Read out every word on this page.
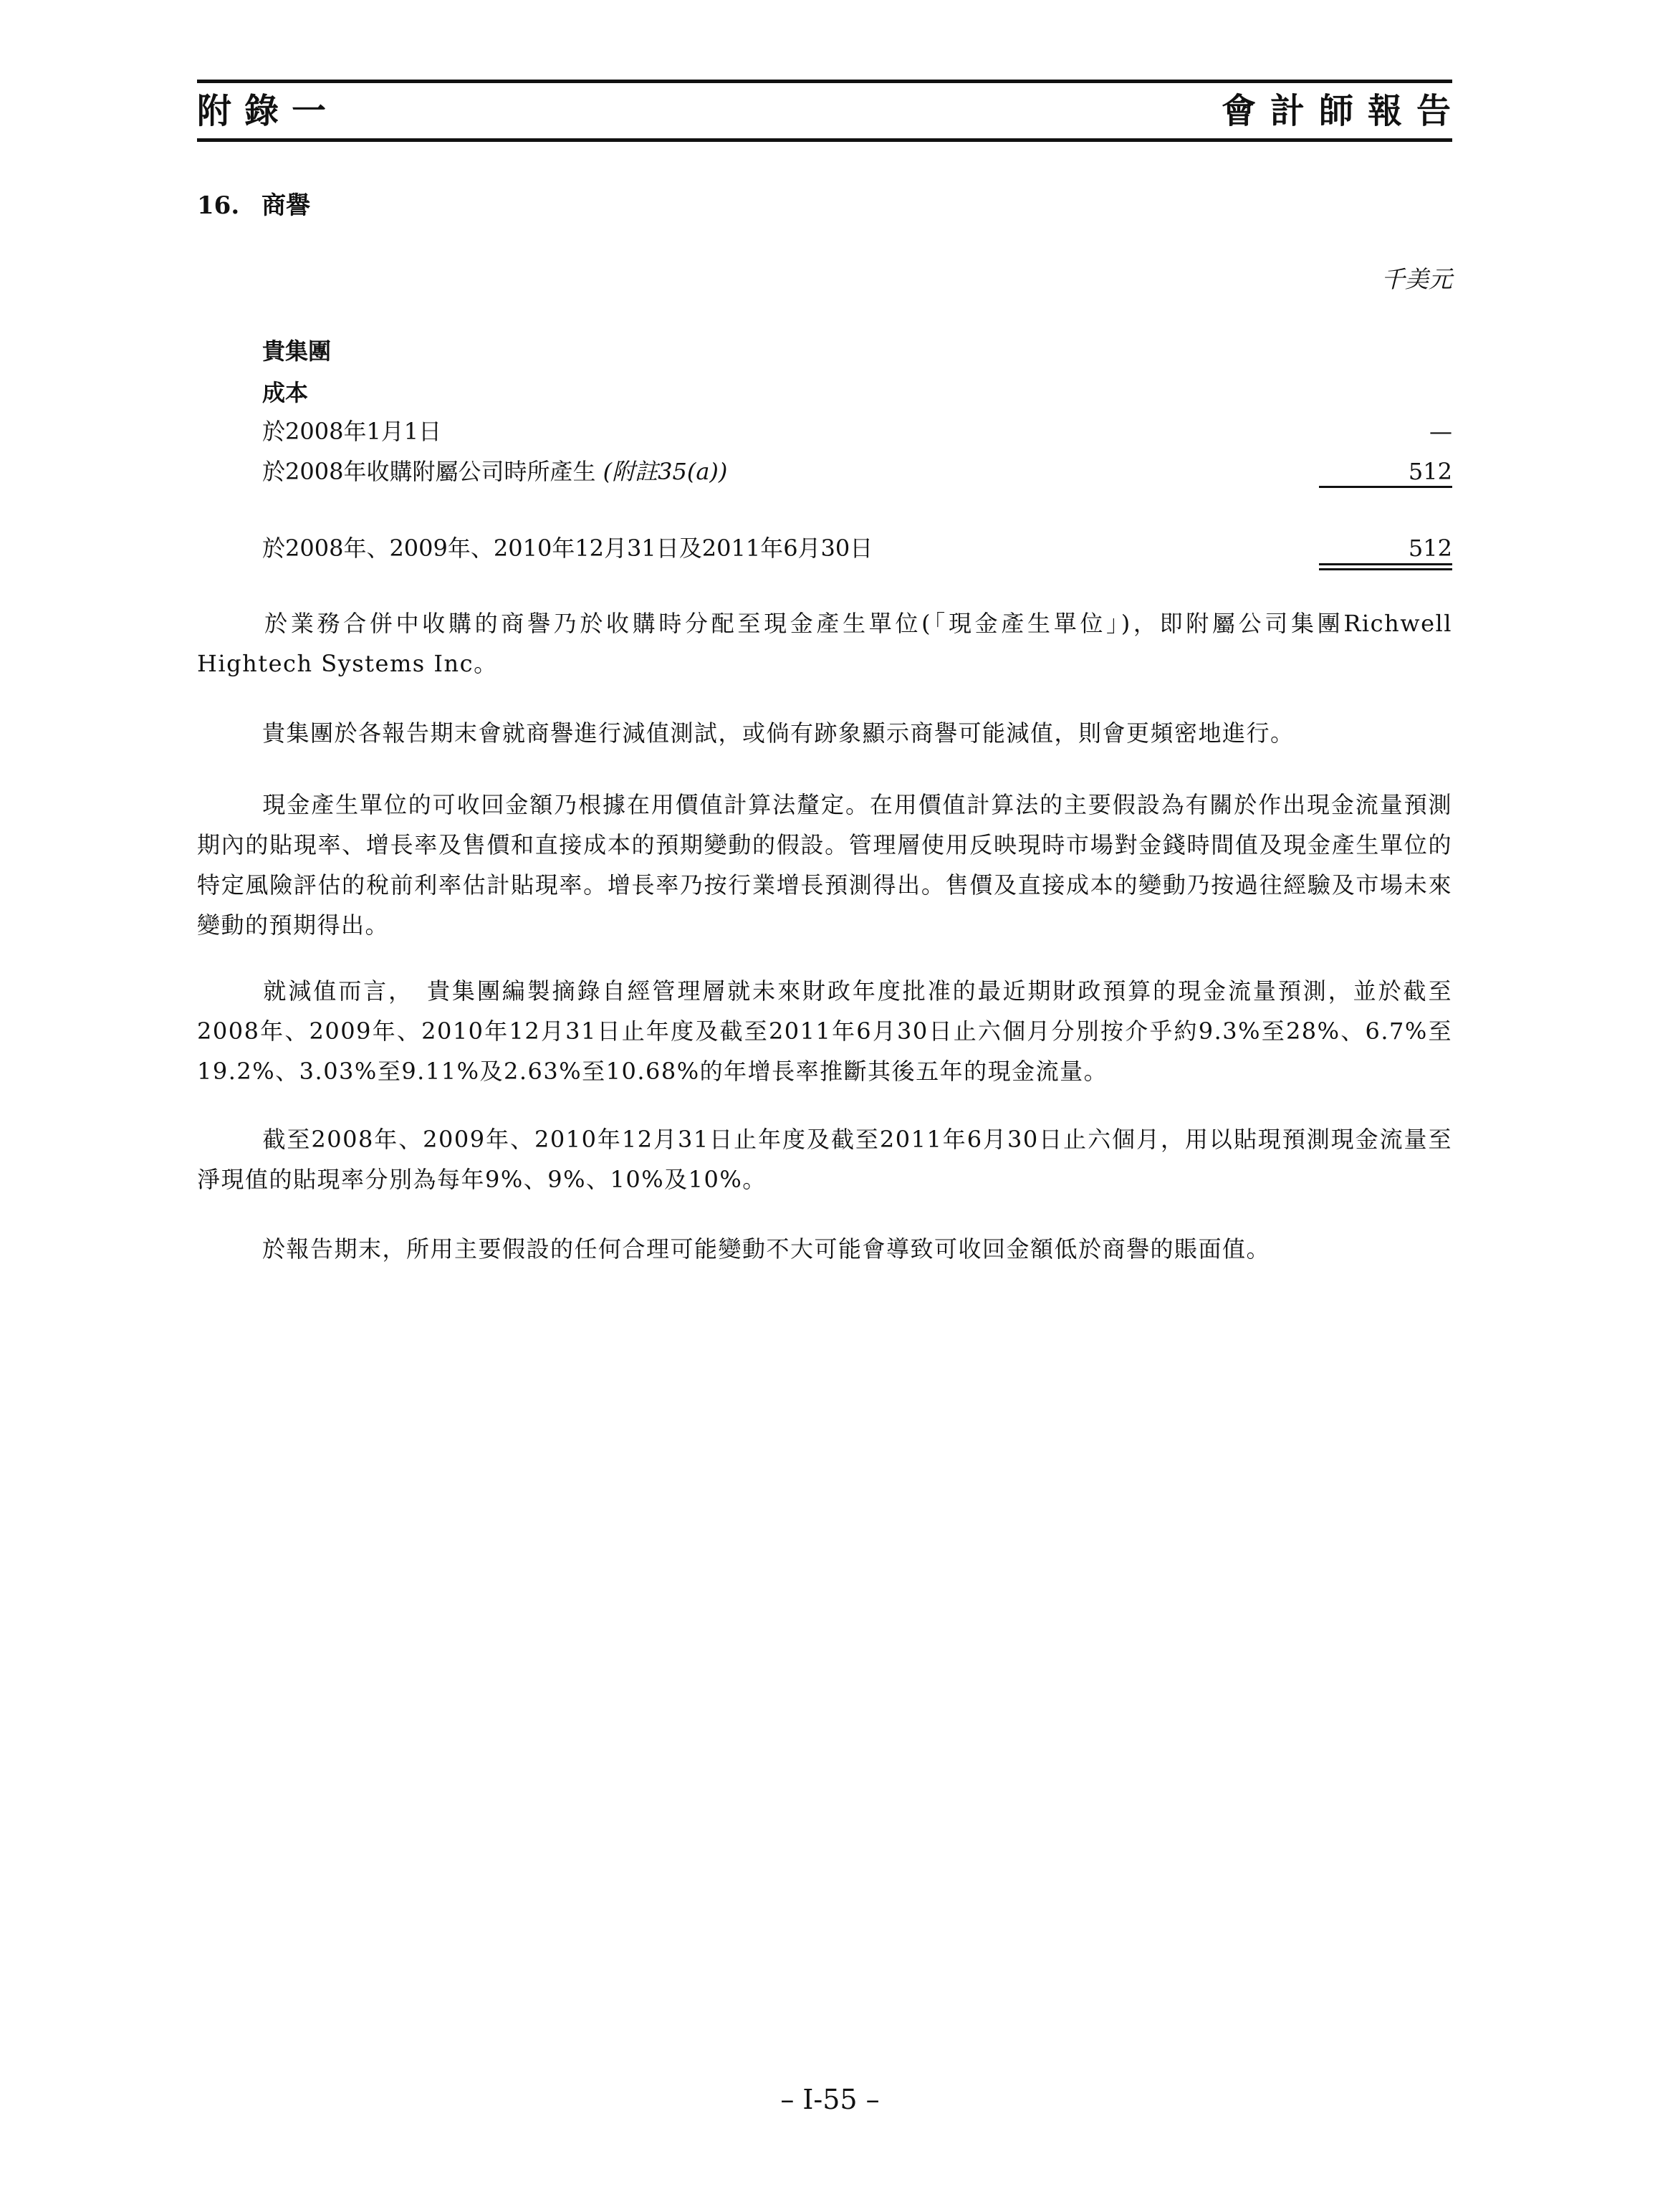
附錄一	會計師報告
16. 商譽
千美元
貴集團
成本
於2008年1月1日	—
於2008年收購附屬公司時所產生 (附註35(a))	512
於2008年、2009年、2010年12月31日及2011年6月30日	512
於業務合併中收購的商譽乃於收購時分配至現金產生單位(「現金產生單位」)，即附屬公司集團Richwell Hightech Systems Inc。
貴集團於各報告期末會就商譽進行減值測試，或倘有跡象顯示商譽可能減值，則會更頻密地進行。
現金產生單位的可收回金額乃根據在用價值計算法釐定。在用價值計算法的主要假設為有關於作出現金流量預測期內的貼現率、增長率及售價和直接成本的預期變動的假設。管理層使用反映現時市場對金錢時間值及現金產生單位的特定風險評估的稅前利率估計貼現率。增長率乃按行業增長預測得出。售價及直接成本的變動乃按過往經驗及市場未來變動的預期得出。
就減值而言，　貴集團編製摘錄自經管理層就未來財政年度批准的最近期財政預算的現金流量預測，並於截至2008年、2009年、2010年12月31日止年度及截至2011年6月30日止六個月分別按介乎約9.3%至28%、6.7%至19.2%、3.03%至9.11%及2.63%至10.68%的年增長率推斷其後五年的現金流量。
截至2008年、2009年、2010年12月31日止年度及截至2011年6月30日止六個月，用以貼現預測現金流量至淨現值的貼現率分別為每年9%、9%、10%及10%。
於報告期末，所用主要假設的任何合理可能變動不大可能會導致可收回金額低於商譽的賬面值。
– I-55 –
